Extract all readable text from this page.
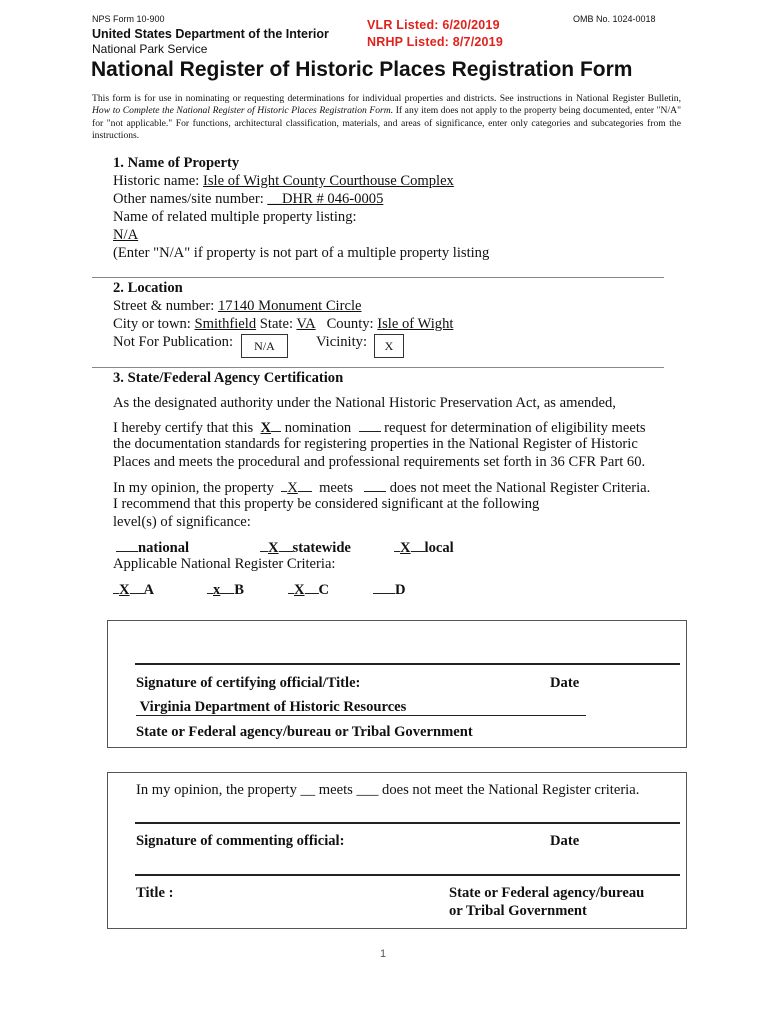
NPS Form 10-900	OMB No. 1024-0018
United States Department of the Interior
National Park Service
VLR Listed: 6/20/2019
NRHP Listed: 8/7/2019
National Register of Historic Places Registration Form
This form is for use in nominating or requesting determinations for individual properties and districts. See instructions in National Register Bulletin, How to Complete the National Register of Historic Places Registration Form. If any item does not apply to the property being documented, enter "N/A" for "not applicable." For functions, architectural classification, materials, and areas of significance, enter only categories and subcategories from the instructions.
1. Name of Property
Historic name: Isle of Wight County Courthouse Complex
Other names/site number: __DHR # 046-0005
Name of related multiple property listing:
N/A
(Enter "N/A" if property is not part of a multiple property listing
2. Location
Street & number: 17140 Monument Circle
City or town: Smithfield State: VA County: Isle of Wight
Not For Publication:	N/A	Vicinity:	X
3. State/Federal Agency Certification
As the designated authority under the National Historic Preservation Act, as amended,
I hereby certify that this X nomination request for determination of eligibility meets
the documentation standards for registering properties in the National Register of Historic
Places and meets the procedural and professional requirements set forth in 36 CFR Part 60.
In my opinion, the property X meets	does not meet the National Register Criteria.
I recommend that this property be considered significant at the following
level(s) of significance:
national	X statewide	X local
Applicable National Register Criteria:
X A	x B	X C	D
Signature of certifying official/Title:	Date
Virginia Department of Historic Resources
State or Federal agency/bureau or Tribal Government
In my opinion, the property __ meets ___ does not meet the National Register criteria.
Signature of commenting official:	Date
Title :	State or Federal agency/bureau
or Tribal Government
1
